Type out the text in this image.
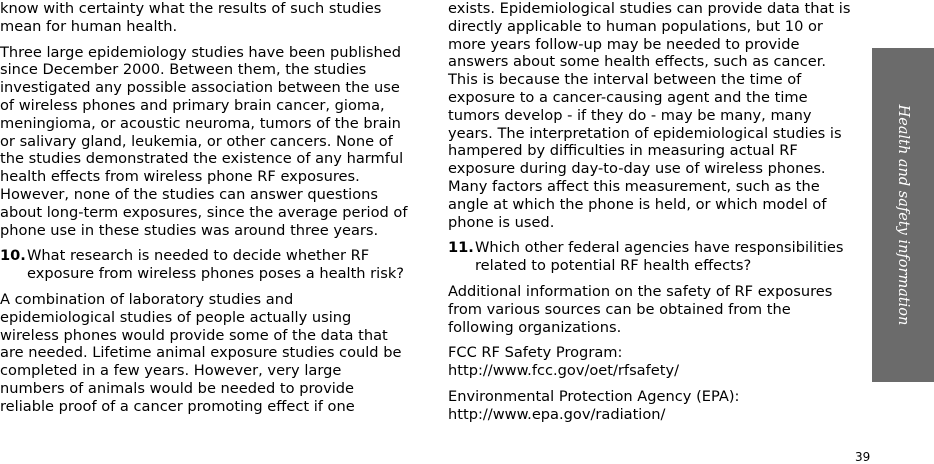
know with certainty what the results of such studies mean for human health.

Three large epidemiology studies have been published since December 2000. Between them, the studies investigated any possible association between the use of wireless phones and primary brain cancer, gioma, meningioma, or acoustic neuroma, tumors of the brain or salivary gland, leukemia, or other cancers. None of the studies demonstrated the existence of any harmful health effects from wireless phone RF exposures. However, none of the studies can answer questions about long-term exposures, since the average period of phone use in these studies was around three years.

10. What research is needed to decide whether RF exposure from wireless phones poses a health risk?

A combination of laboratory studies and epidemiological studies of people actually using wireless phones would provide some of the data that are needed. Lifetime animal exposure studies could be completed in a few years. However, very large numbers of animals would be needed to provide reliable proof of a cancer promoting effect if one

exists. Epidemiological studies can provide data that is directly applicable to human populations, but 10 or more years follow-up may be needed to provide answers about some health effects, such as cancer. This is because the interval between the time of exposure to a cancer-causing agent and the time tumors develop - if they do - may be many, many years. The interpretation of epidemiological studies is hampered by difficulties in measuring actual RF exposure during day-to-day use of wireless phones. Many factors affect this measurement, such as the angle at which the phone is held, or which model of phone is used.

11. Which other federal agencies have responsibilities related to potential RF health effects?

Additional information on the safety of RF exposures from various sources can be obtained from the following organizations.

FCC RF Safety Program:

http://www.fcc.gov/oet/rfsafety/

Environmental Protection Agency (EPA):

http://www.epa.gov/radiation/

Health and safety information
39
